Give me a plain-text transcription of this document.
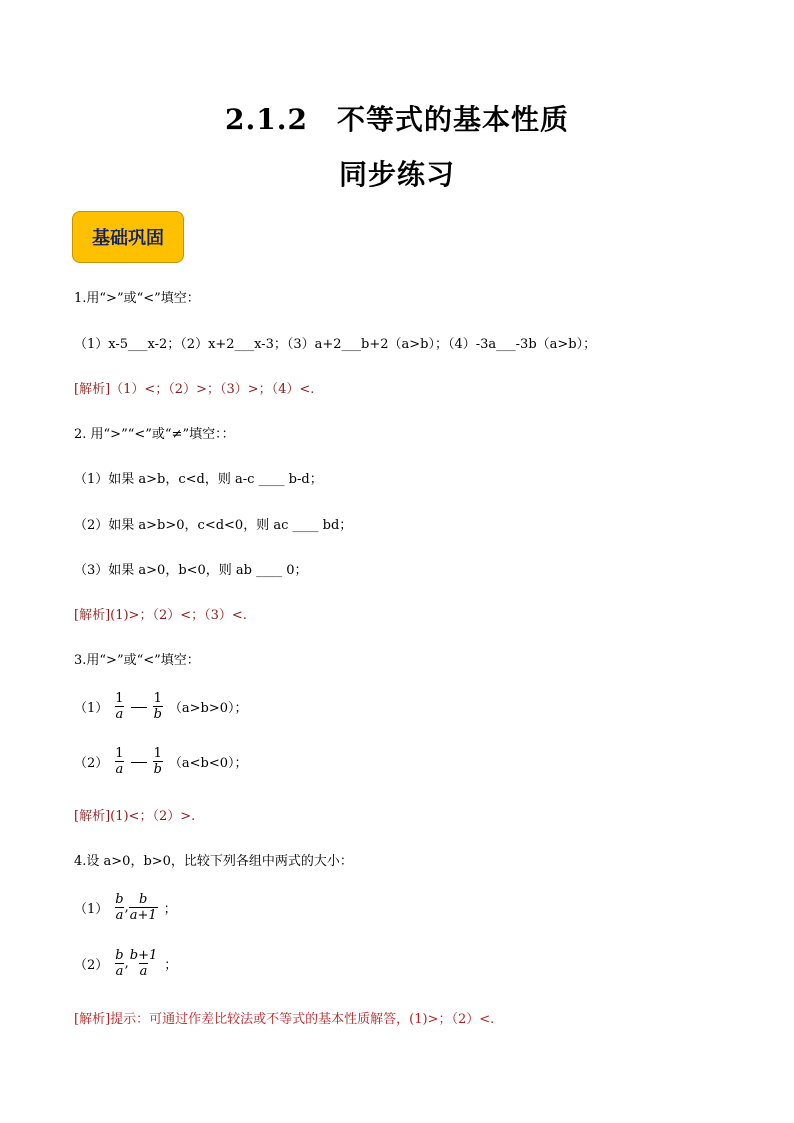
2.1.2　不等式的基本性质
同步练习
基础巩固
1.用“>”或“<”填空：
（1）x-5___x-2；（2）x+2___x-3；（3）a+2___b+2（a>b）；（4）-3a___-3b（a>b）；
[解析]（1）<；（2）>；（3）>；（4）<.
2. 用“>”“<”或“≠”填空：：
（1）如果 a>b，c<d，则 a-c ____ b-d；
（2）如果 a>b>0，c<d<0，则 ac ____ bd；
（3）如果 a>0，b<0，则 ab ____ 0；
[解析](1)>；（2）<；（3）<.
3.用“>”或“<”填空：
$(1) \frac{1}{a} \frac{1}{b} (a>b>0)$；
$(2) \frac{1}{a} \frac{1}{b} (a<b<0)$；
[解析](1)<；（2）>.
4.设 a>0，b>0，比较下列各组中两式的大小：
$(1) \frac{b}{a}$ , $\frac{b}{a+1}$ ；
$(2) \frac{b}{a}$ , $\frac{b+1}{a}$ ；
[解析]提示：可通过作差比较法或不等式的基本性质解答，(1)>；（2）<.
